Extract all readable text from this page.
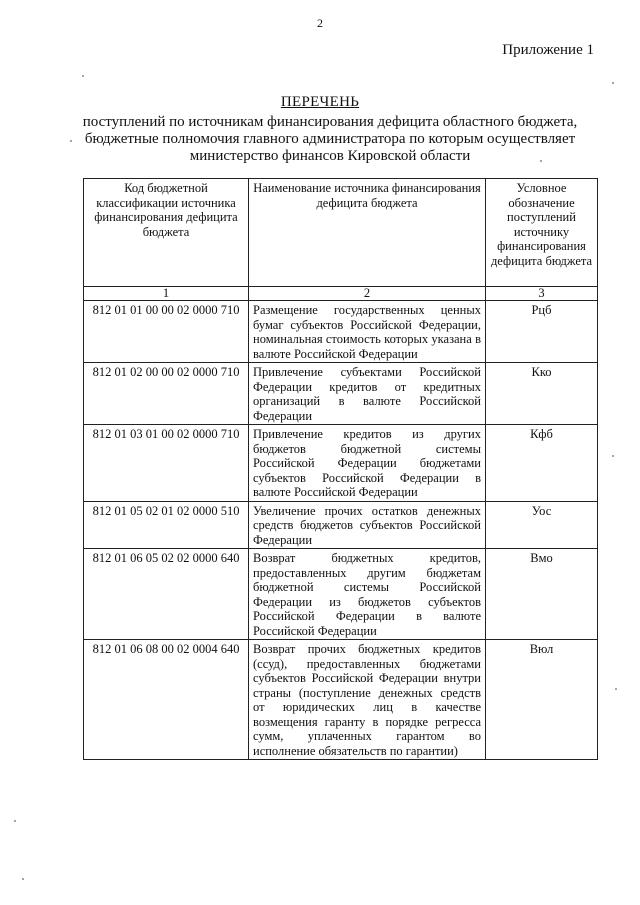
2
Приложение 1
ПЕРЕЧЕНЬ
поступлений по источникам финансирования дефицита областного бюджета,
бюджетные полномочия главного администратора по которым осуществляет
министерство финансов Кировской области
Код бюджетной классификации источника финансирования дефицита бюджета	Наименование источника финансирования дефицита бюджета	Условное обозначение поступлений источнику финансирования дефицита бюджета
1	2	3
812 01 01 00 00 02 0000 710	Размещение государственных ценных бумаг субъектов Российской Федерации, номинальная стоимость которых указана в валюте Российской Федерации	Рцб
812 01 02 00 00 02 0000 710	Привлечение субъектами Российской Федерации кредитов от кредитных организаций в валюте Российской Федерации	Кко
812 01 03 01 00 02 0000 710	Привлечение кредитов из других бюджетов бюджетной системы Российской Федерации бюджетами субъектов Российской Федерации в валюте Российской Федерации	Кфб
812 01 05 02 01 02 0000 510	Увеличение прочих остатков денежных средств бюджетов субъектов Российской Федерации	Уос
812 01 06 05 02 02 0000 640	Возврат бюджетных кредитов, предоставленных другим бюджетам бюджетной системы Российской Федерации из бюджетов субъектов Российской Федерации в валюте Российской Федерации	Вмо
812 01 06 08 00 02 0004 640	Возврат прочих бюджетных кредитов (ссуд), предоставленных бюджетами субъектов Российской Федерации внутри страны (поступление денежных средств от юридических лиц в качестве возмещения гаранту в порядке регресса сумм, уплаченных гарантом во исполнение обязательств по гарантии)	Вюл
